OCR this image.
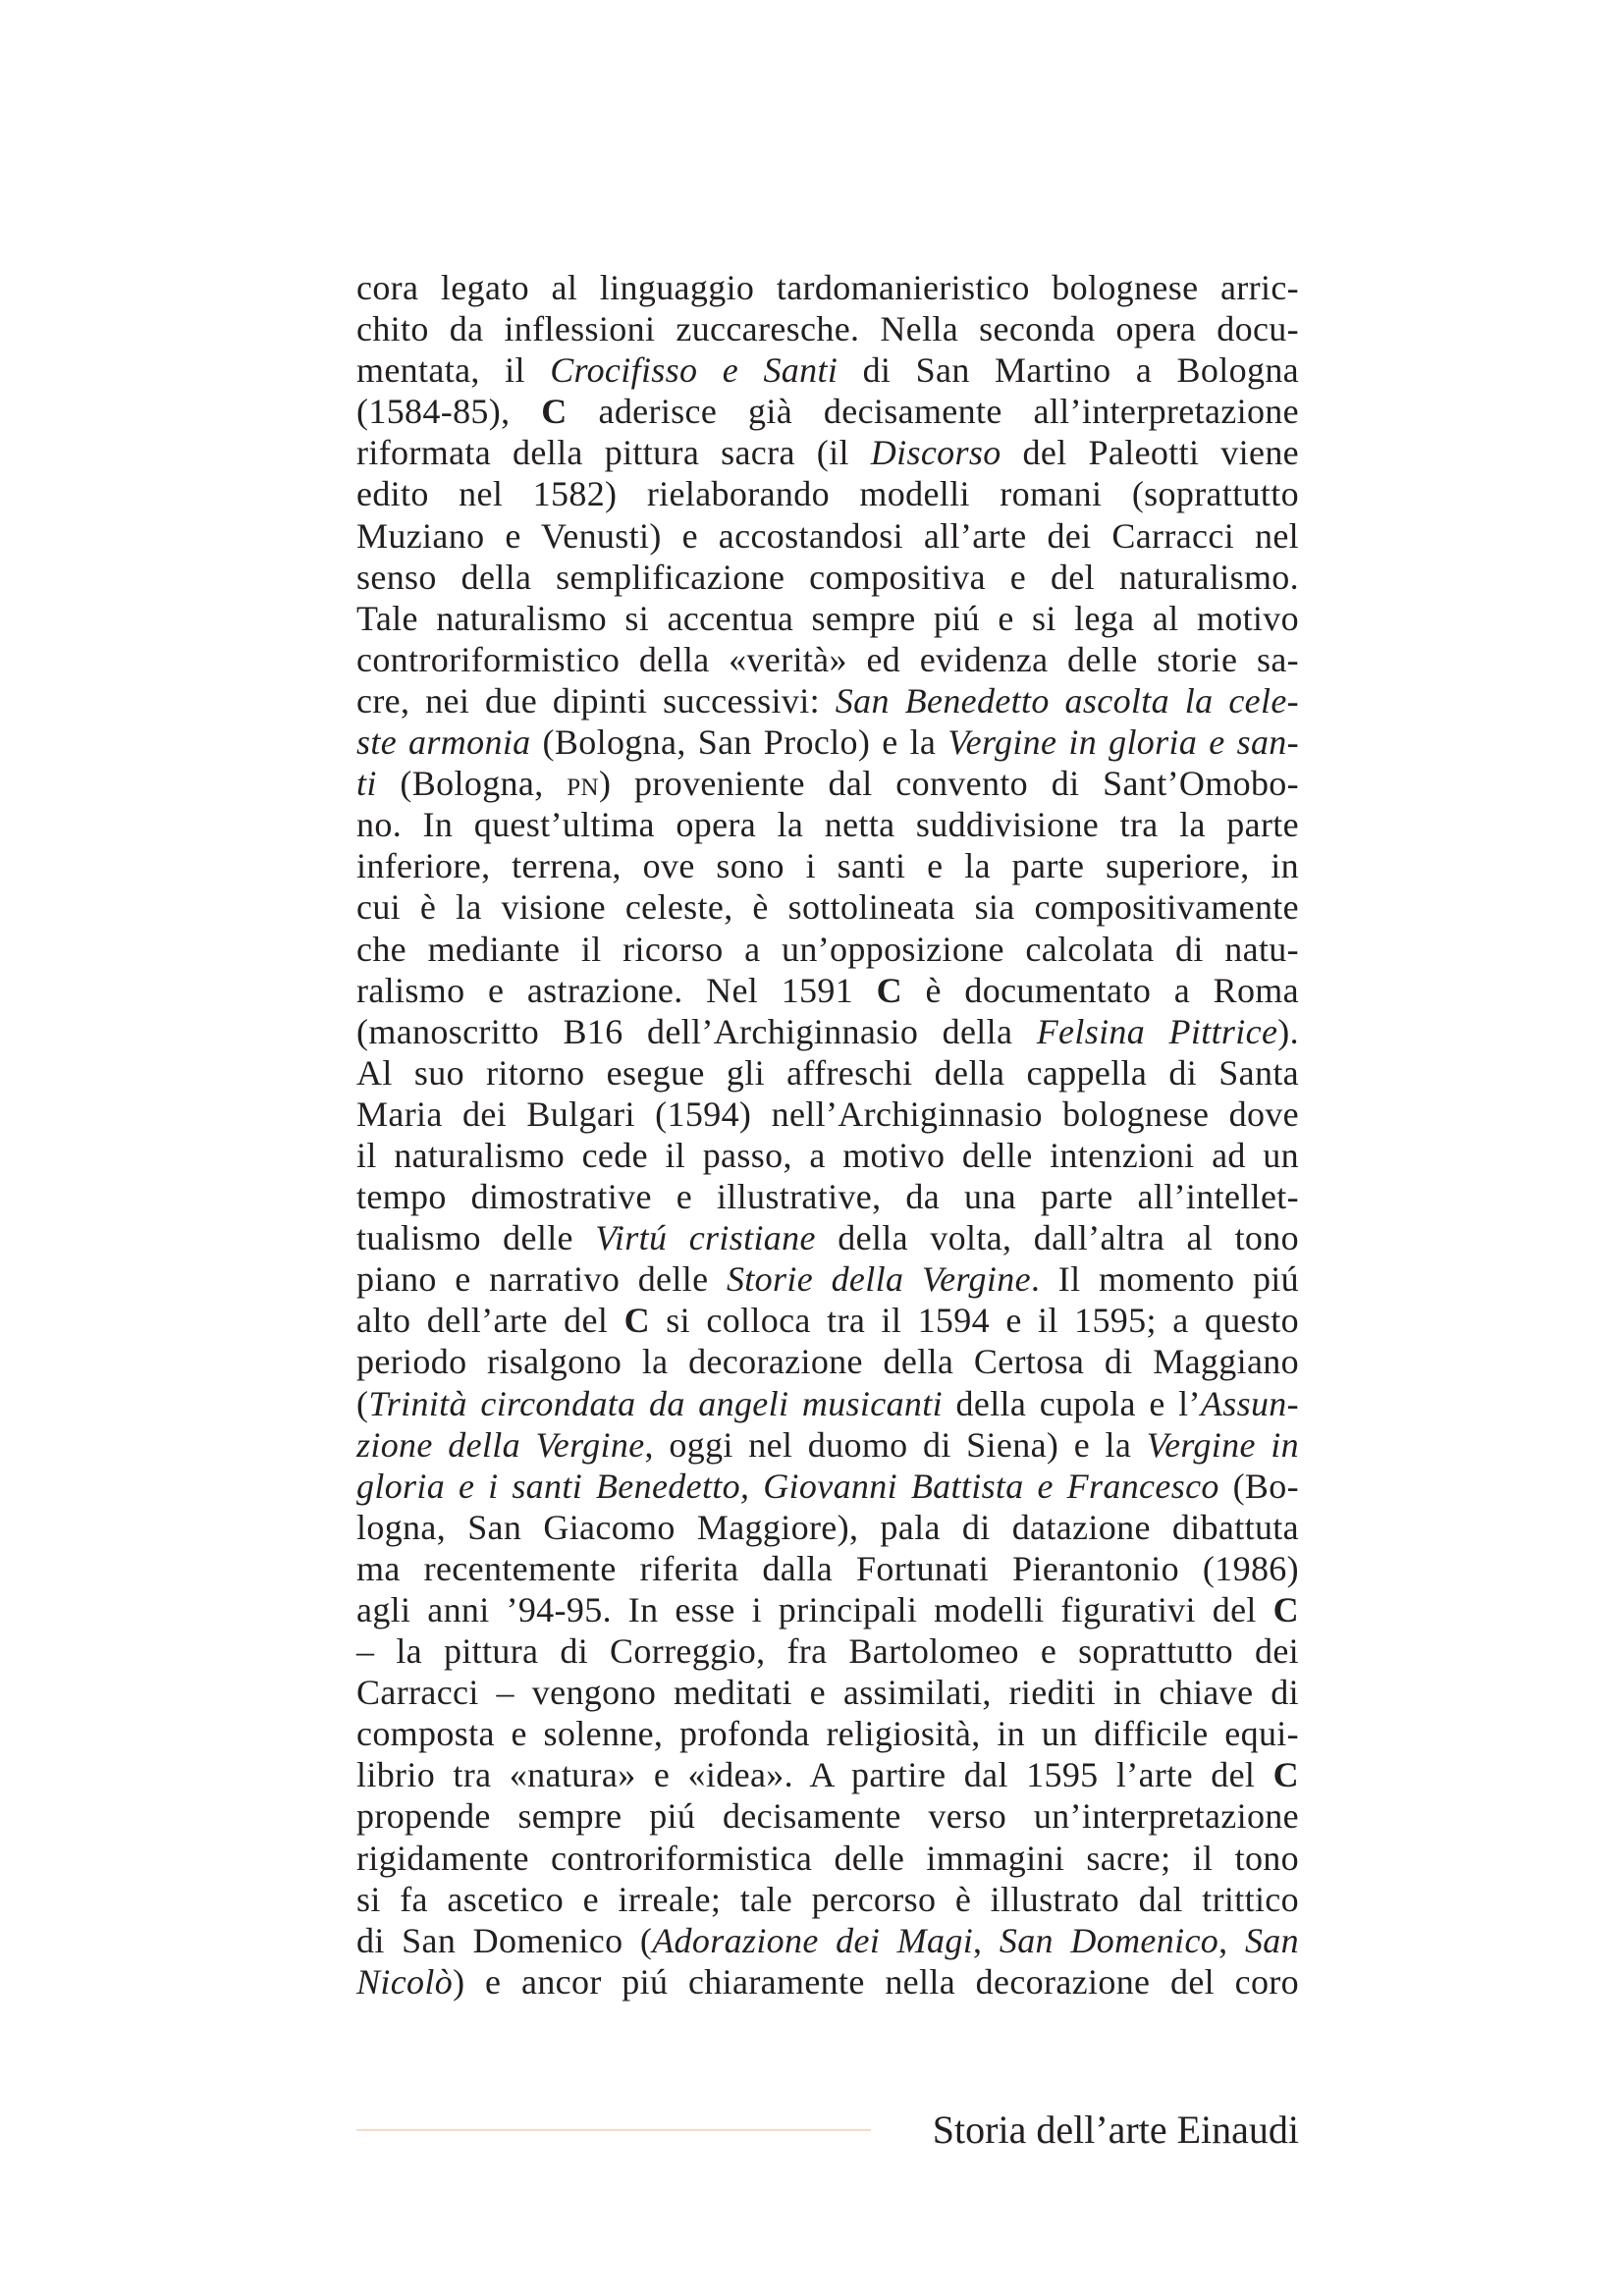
cora legato al linguaggio tardomanieristico bolognese arric-
chito da inflessioni zuccaresche. Nella seconda opera docu-
mentata, il Crocifisso e Santi di San Martino a Bologna
(1584-85), C aderisce già decisamente all’interpretazione
riformata della pittura sacra (il Discorso del Paleotti viene
edito nel 1582) rielaborando modelli romani (soprattutto
Muziano e Venusti) e accostandosi all’arte dei Carracci nel
senso della semplificazione compositiva e del naturalismo.
Tale naturalismo si accentua sempre piú e si lega al motivo
controriformistico della «verità» ed evidenza delle storie sa-
cre, nei due dipinti successivi: San Benedetto ascolta la cele-
ste armonia (Bologna, San Proclo) e la Vergine in gloria e san-
ti (Bologna, pn) proveniente dal convento di Sant’Omobo-
no. In quest’ultima opera la netta suddivisione tra la parte
inferiore, terrena, ove sono i santi e la parte superiore, in
cui è la visione celeste, è sottolineata sia compositivamente
che mediante il ricorso a un’opposizione calcolata di natu-
ralismo e astrazione. Nel 1591 C è documentato a Roma
(manoscritto B16 dell’Archiginnasio della Felsina Pittrice).
Al suo ritorno esegue gli affreschi della cappella di Santa
Maria dei Bulgari (1594) nell’Archiginnasio bolognese dove
il naturalismo cede il passo, a motivo delle intenzioni ad un
tempo dimostrative e illustrative, da una parte all’intellet-
tualismo delle Virtú cristiane della volta, dall’altra al tono
piano e narrativo delle Storie della Vergine. Il momento piú
alto dell’arte del C si colloca tra il 1594 e il 1595; a questo
periodo risalgono la decorazione della Certosa di Maggiano
(Trinità circondata da angeli musicanti della cupola e l’Assun-
zione della Vergine, oggi nel duomo di Siena) e la Vergine in
gloria e i santi Benedetto, Giovanni Battista e Francesco (Bo-
logna, San Giacomo Maggiore), pala di datazione dibattuta
ma recentemente riferita dalla Fortunati Pierantonio (1986)
agli anni ’94-95. In esse i principali modelli figurativi del C
– la pittura di Correggio, fra Bartolomeo e soprattutto dei
Carracci – vengono meditati e assimilati, riediti in chiave di
composta e solenne, profonda religiosità, in un difficile equi-
librio tra «natura» e «idea». A partire dal 1595 l’arte del C
propende sempre piú decisamente verso un’interpretazione
rigidamente controriformistica delle immagini sacre; il tono
si fa ascetico e irreale; tale percorso è illustrato dal trittico
di San Domenico (Adorazione dei Magi, San Domenico, San
Nicolò) e ancor piú chiaramente nella decorazione del coro
Storia dell’arte Einaudi
